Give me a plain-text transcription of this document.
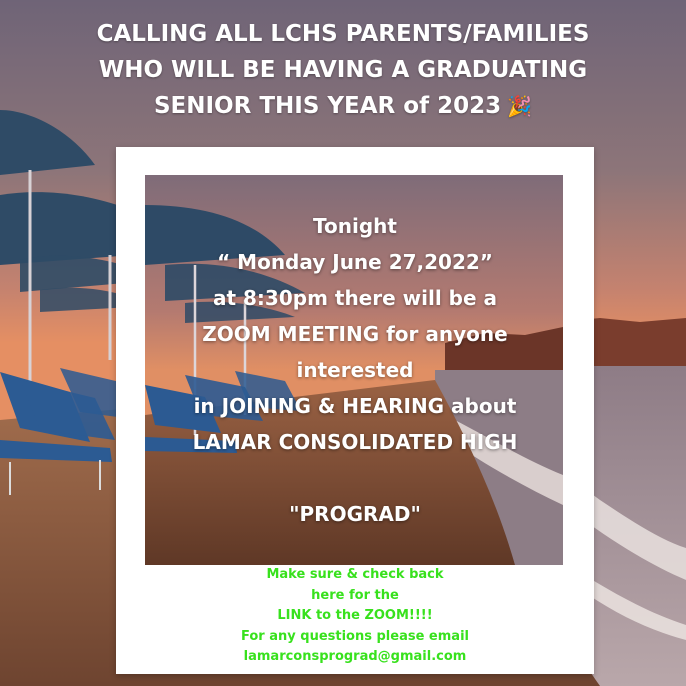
CALLING ALL LCHS PARENTS/FAMILIES
WHO WILL BE HAVING A GRADUATING
SENIOR THIS YEAR of 2023 🎉
Tonight
“ Monday June 27,2022”
at 8:30pm there will be a
ZOOM MEETING for anyone
interested
in JOINING & HEARING about
LAMAR CONSOLIDATED HIGH
"PROGRAD"
Make sure & check back
here for the
LINK to the ZOOM!!!!
For any questions please email
lamarconsprograd@gmail.com
